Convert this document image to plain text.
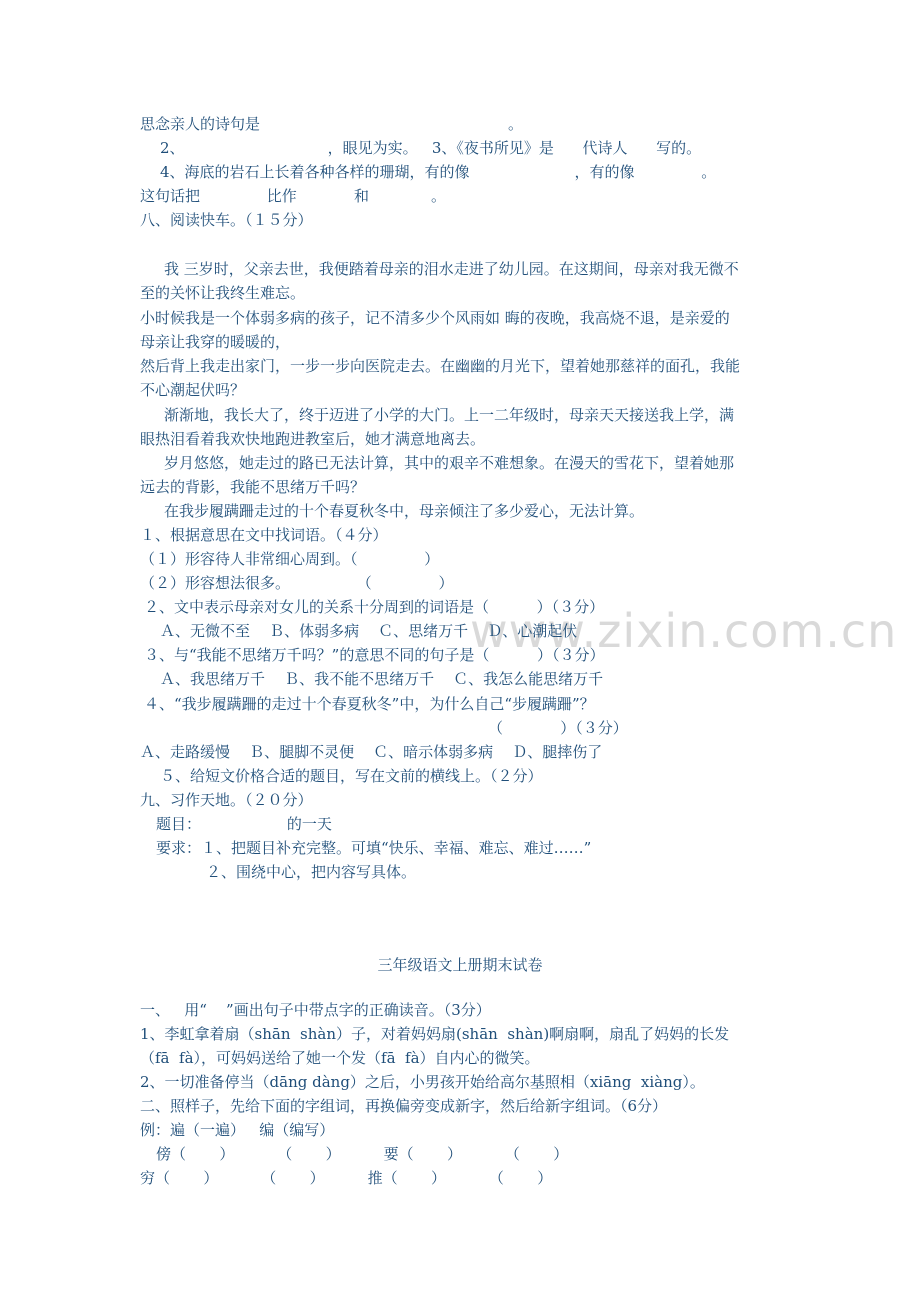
www.zixin.com.cn
思念亲人的诗句是                                                    。
2、                              ，眼见为实。   3、《夜书所见》是      代诗人      写的。
4、海底的岩石上长着各种各样的珊瑚，有的像                      ，有的像              。
这句话把              比作            和             。
八、阅读快车。（１５分）
我 三岁时，父亲去世，我便踏着母亲的泪水走进了幼儿园。在这期间，母亲对我无微不
至的关怀让我终生难忘。
小时候我是一个体弱多病的孩子，记不清多少个风雨如 晦的夜晚，我高烧不退，是亲爱的
母亲让我穿的暖暖的，
然后背上我走出家门，一步一步向医院走去。在幽幽的月光下，望着她那慈祥的面孔，我能
不心潮起伏吗？
渐渐地，我长大了，终于迈进了小学的大门。上一二年级时，母亲天天接送我上学，满
眼热泪看着我欢快地跑进教室后，她才满意地离去。
岁月悠悠，她走过的路已无法计算，其中的艰辛不难想象。在漫天的雪花下，望着她那
远去的背影，我能不思绪万千吗？
在我步履蹒跚走过的十个春夏秋冬中，母亲倾注了多少爱心，无法计算。
１、根据意思在文中找词语。（４分）
（１）形容待人非常细心周到。（              ）
（２）形容想法很多。              （              ）
２、文中表示母亲对女儿的关系十分周到的词语是（          ）（３分）
Ａ、无微不至    Ｂ、体弱多病    Ｃ、思绪万千    Ｄ、心潮起伏
３、与“我能不思绪万千吗？”的意思不同的句子是（          ）（３分）
Ａ、我思绪万千    Ｂ、我不能不思绪万千    Ｃ、我怎么能思绪万千
４、“我步履蹒跚的走过十个春夏秋冬”中，为什么自己“步履蹒跚”？
（            ）（３分）
Ａ、走路缓慢    Ｂ、腿脚不灵便    Ｃ、暗示体弱多病    Ｄ、腿摔伤了
５、给短文价格合适的题目，写在文前的横线上。（２分）
九、习作天地。（２０分）
题目：                  的一天
要求：１、把题目补充完整。可填“快乐、幸福、难忘、难过……”
２、围绕中心，把内容写具体。
三年级语文上册期末试卷
一、   用“    ”画出句子中带点字的正确读音。（3分）
1、李虹拿着扇（shān  shàn）子，对着妈妈扇(shān  shàn)啊扇啊，扇乱了妈妈的长发
（fā  fà），可妈妈送给了她一个发（fā  fà）自内心的微笑。
2、一切准备停当（dāng dàng）之后，小男孩开始给高尔基照相（xiāng  xiàng）。
二、照样子，先给下面的字组词，再换偏旁变成新字，然后给新字组词。（6分）
例：遍（一遍）   编（编写）
傍（       ）         （       ）         要（       ）         （       ）
穷（       ）         （       ）         推（       ）         （       ）
